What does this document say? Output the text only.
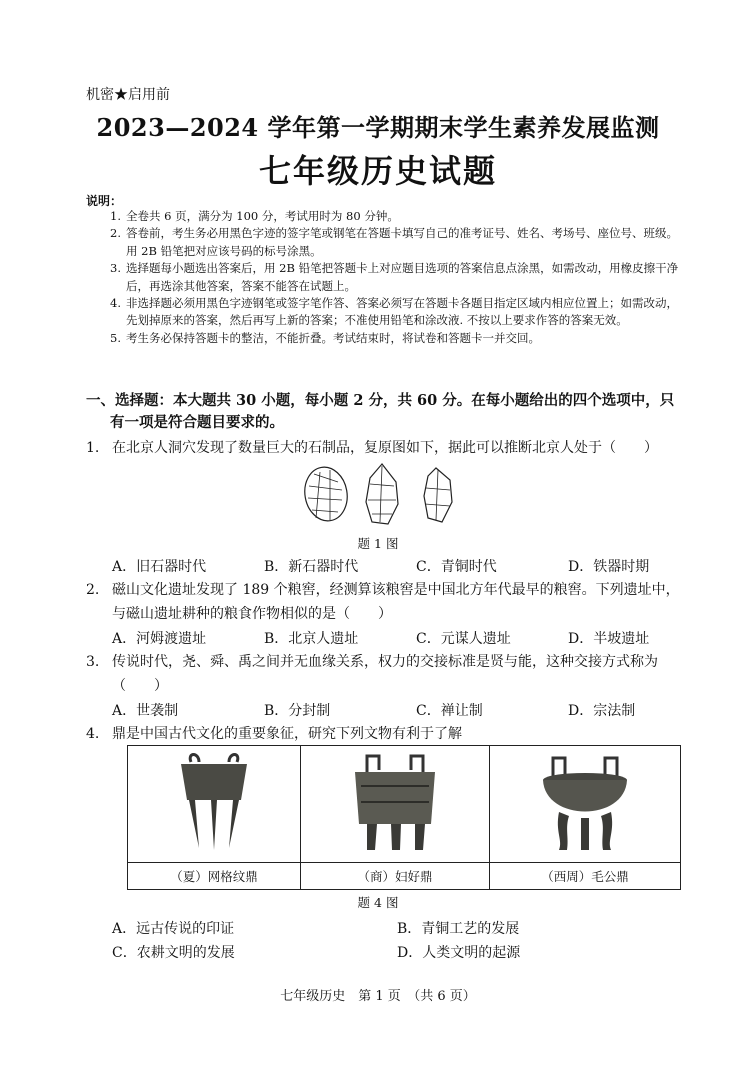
机密★启用前
2023—2024 学年第一学期期末学生素养发展监测
七年级历史试题
说明：
1. 全卷共 6 页，满分为 100 分，考试用时为 80 分钟。
2. 答卷前，考生务必用黑色字迹的签字笔或钢笔在答题卡填写自己的准考证号、姓名、考场号、座位号、班级。用 2B 铅笔把对应该号码的标号涂黑。
3. 选择题每小题选出答案后，用 2B 铅笔把答题卡上对应题目选项的答案信息点涂黑，如需改动，用橡皮擦干净后，再选涂其他答案，答案不能答在试题上。
4. 非选择题必须用黑色字迹钢笔或签字笔作答、答案必须写在答题卡各题目指定区域内相应位置上；如需改动，先划掉原来的答案，然后再写上新的答案；不准使用铅笔和涂改液. 不按以上要求作答的答案无效。
5. 考生务必保持答题卡的整洁，不能折叠。考试结束时，将试卷和答题卡一并交回。
一、选择题：本大题共 30 小题，每小题 2 分，共 60 分。在每小题给出的四个选项中，只
有一项是符合题目要求的。
1. 在北京人洞穴发现了数量巨大的石制品，复原图如下，据此可以推断北京人处于（　　）
题 1 图
A．旧石器时代	B．新石器时代	C．青铜时代	D．铁器时期
2. 磁山文化遗址发现了 189 个粮窖，经测算该粮窖是中国北方年代最早的粮窖。下列遗址中，与磁山遗址耕种的粮食作物相似的是（　　）
A．河姆渡遗址	B．北京人遗址	C．元谋人遗址	D．半坡遗址
3. 传说时代，尧、舜、禹之间并无血缘关系，权力的交接标准是贤与能，这种交接方式称为（　　）
A．世袭制	B．分封制	C．禅让制	D．宗法制
4. 鼎是中国古代文化的重要象征，研究下列文物有利于了解

（夏）网格纹鼎	（商）妇好鼎	（西周）毛公鼎
题 4 图
A．远古传说的印证	B．青铜工艺的发展
C．农耕文明的发展	D．人类文明的起源
七年级历史　第 1 页　（共 6 页）
